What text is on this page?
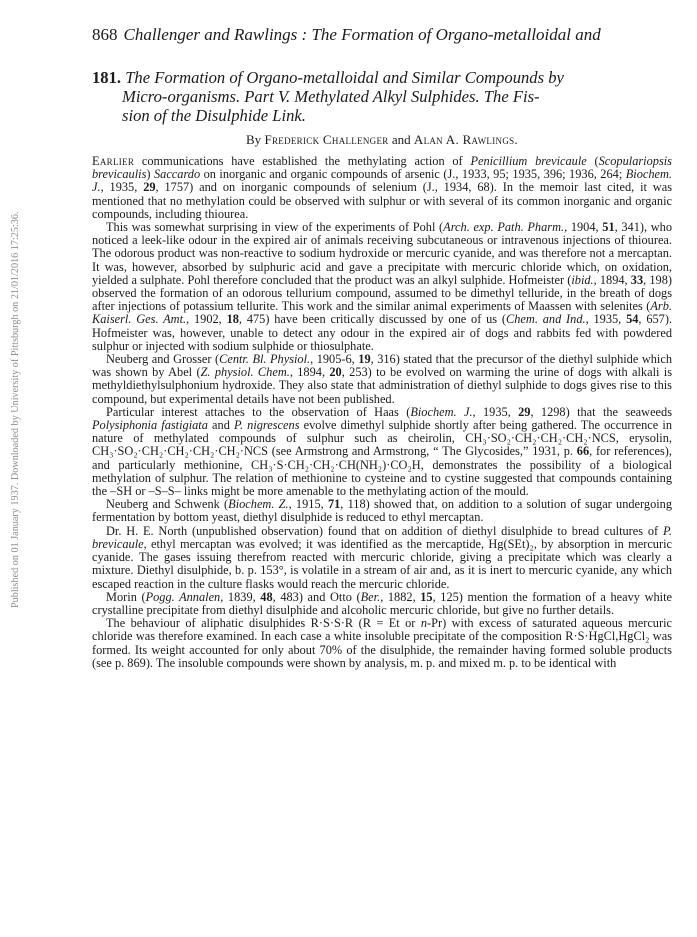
Published on 01 January 1937. Downloaded by University of Pittsburgh on 21/01/2016 17:25:36.
868 Challenger and Rawlings : The Formation of Organo-metalloidal and
181. The Formation of Organo-metalloidal and Similar Compounds by
Micro-organisms. Part V. Methylated Alkyl Sulphides. The Fis-
sion of the Disulphide Link.
By Frederick Challenger and Alan A. Rawlings.

Earlier communications have established the methylating action of Penicillium brevicaule (Scopulariopsis brevicaulis) Saccardo on inorganic and organic compounds of arsenic (J., 1933, 95; 1935, 396; 1936, 264; Biochem. J., 1935, 29, 1757) and on inorganic compounds of selenium (J., 1934, 68). In the memoir last cited, it was mentioned that no methylation could be observed with sulphur or with several of its common inorganic and organic compounds, including thiourea.

This was somewhat surprising in view of the experiments of Pohl (Arch. exp. Path. Pharm., 1904, 51, 341), who noticed a leek-like odour in the expired air of animals receiving subcutaneous or intravenous injections of thiourea. The odorous product was non-reactive to sodium hydroxide or mercuric cyanide, and was therefore not a mercaptan. It was, however, absorbed by sulphuric acid and gave a precipitate with mercuric chloride which, on oxidation, yielded a sulphate. Pohl therefore concluded that the product was an alkyl sulphide. Hofmeister (ibid., 1894, 33, 198) observed the formation of an odorous tellurium compound, assumed to be dimethyl telluride, in the breath of dogs after injections of potassium tellurite. This work and the similar animal experiments of Maassen with selenites (Arb. Kaiserl. Ges. Amt., 1902, 18, 475) have been critically discussed by one of us (Chem. and Ind., 1935, 54, 657). Hofmeister was, however, unable to detect any odour in the expired air of dogs and rabbits fed with powdered sulphur or injected with sodium sulphide or thiosulphate.

Neuberg and Grosser (Centr. Bl. Physiol., 1905-6, 19, 316) stated that the precursor of the diethyl sulphide which was shown by Abel (Z. physiol. Chem., 1894, 20, 253) to be evolved on warming the urine of dogs with alkali is methyldiethylsulphonium hydroxide. They also state that administration of diethyl sulphide to dogs gives rise to this compound, but experimental details have not been published.

Particular interest attaches to the observation of Haas (Biochem. J., 1935, 29, 1298) that the seaweeds Polysiphonia fastigiata and P. nigrescens evolve dimethyl sulphide shortly after being gathered. The occurrence in nature of methylated compounds of sulphur such as cheirolin, CH₃·SO₂·CH₂·CH₂·CH₂·NCS, erysolin, CH₃·SO₂·CH₂·CH₂·CH₂·CH₂·NCS (see Armstrong and Armstrong, “ The Glycosides,” 1931, p. 66, for references), and particularly methionine, CH₃·S·CH₂·CH₂·CH(NH₂)·CO₂H, demonstrates the possibility of a biological methylation of sulphur. The relation of methionine to cysteine and to cystine suggested that compounds containing the –SH or –S–S– links might be more amenable to the methylating action of the mould.

Neuberg and Schwenk (Biochem. Z., 1915, 71, 118) showed that, on addition to a solution of sugar undergoing fermentation by bottom yeast, diethyl disulphide is reduced to ethyl mercaptan.

Dr. H. E. North (unpublished observation) found that on addition of diethyl disulphide to bread cultures of P. brevicaule, ethyl mercaptan was evolved; it was identified as the mercaptide, Hg(SEt)₂, by absorption in mercuric cyanide. The gases issuing therefrom reacted with mercuric chloride, giving a precipitate which was clearly a mixture. Diethyl disulphide, b. p. 153°, is volatile in a stream of air and, as it is inert to mercuric cyanide, any which escaped reaction in the culture flasks would reach the mercuric chloride.

Morin (Pogg. Annalen, 1839, 48, 483) and Otto (Ber., 1882, 15, 125) mention the formation of a heavy white crystalline precipitate from diethyl disulphide and alcoholic mercuric chloride, but give no further details.

The behaviour of aliphatic disulphides R·S·S·R (R = Et or n-Pr) with excess of saturated aqueous mercuric chloride was therefore examined. In each case a white insoluble precipitate of the composition R·S·HgCl,HgCl₂ was formed. Its weight accounted for only about 70% of the disulphide, the remainder having formed soluble products (see p. 869). The insoluble compounds were shown by analysis, m. p. and mixed m. p. to be identical with
